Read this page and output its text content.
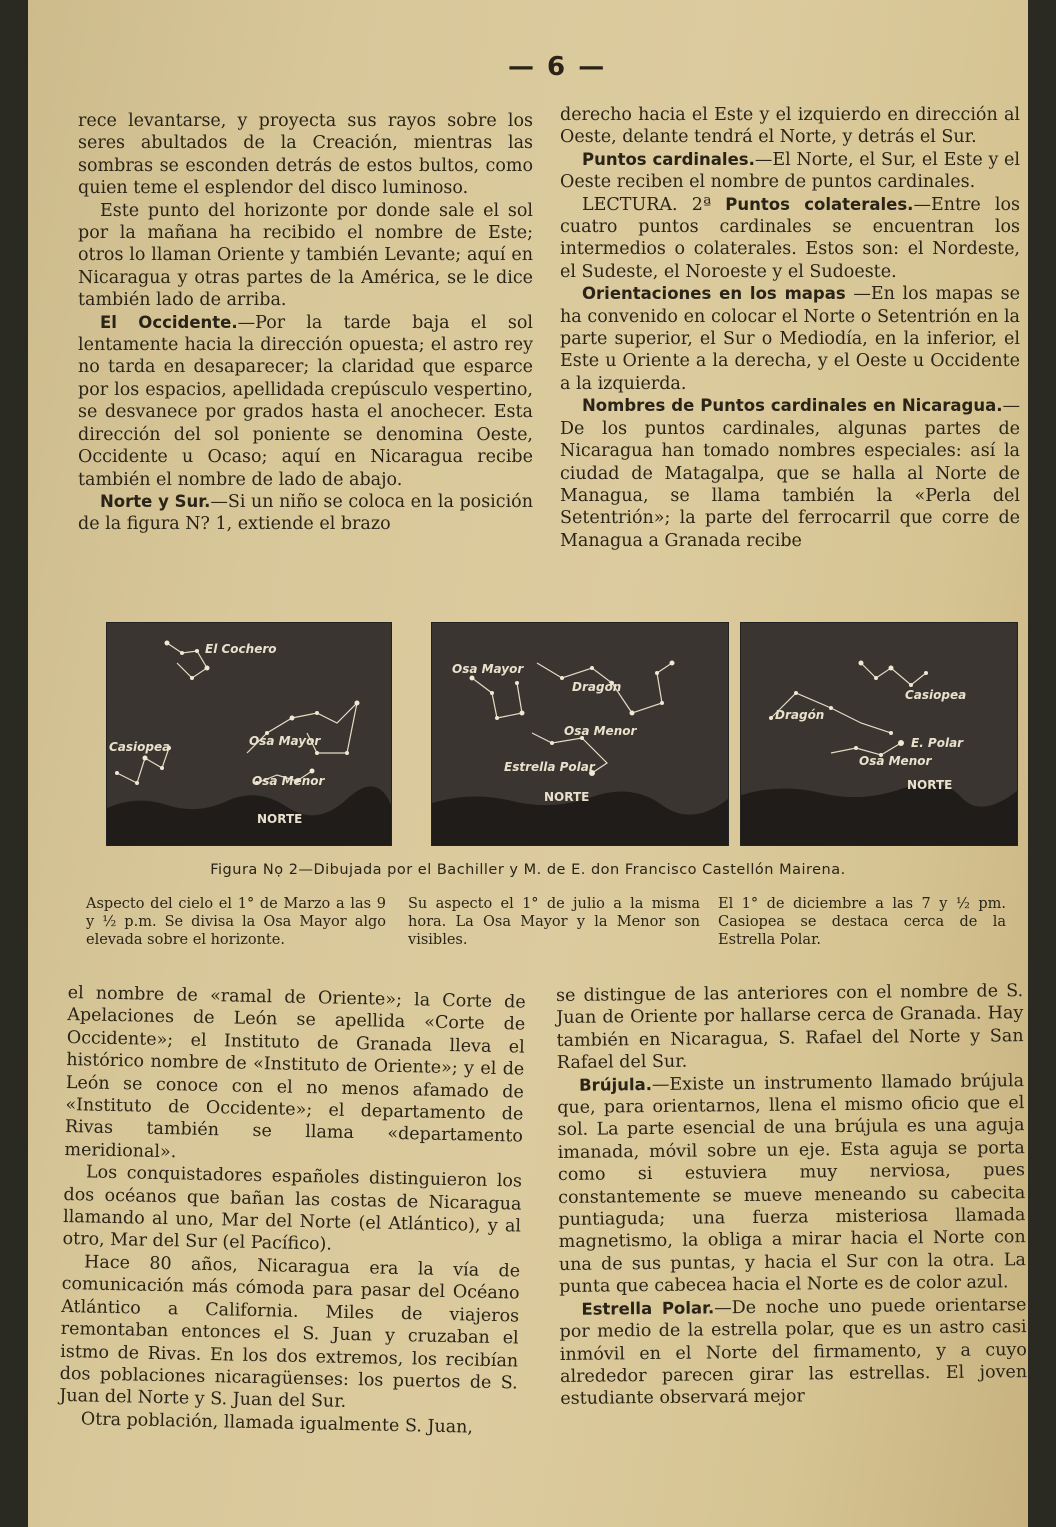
— 6 —

rece levantarse, y proyecta sus rayos sobre los seres abultados de la Creación, mientras las sombras se esconden detrás de estos bultos, como quien teme el esplendor del disco luminoso.

Este punto del horizonte por donde sale el sol por la mañana ha recibido el nombre de Este; otros lo llaman Oriente y también Levante; aquí en Nicaragua y otras partes de la América, se le dice también lado de arriba.

El Occidente.—Por la tarde baja el sol lentamente hacia la dirección opuesta; el astro rey no tarda en desaparecer; la claridad que esparce por los espacios, apellidada crepúsculo vespertino, se desvanece por grados hasta el anochecer. Esta dirección del sol poniente se denomina Oeste, Occidente u Ocaso; aquí en Nicaragua recibe también el nombre de lado de abajo.

Norte y Sur.—Si un niño se coloca en la posición de la figura N? 1, extiende el brazo

derecho hacia el Este y el izquierdo en dirección al Oeste, delante tendrá el Norte, y detrás el Sur.

Puntos cardinales.—El Norte, el Sur, el Este y el Oeste reciben el nombre de puntos cardinales.

LECTURA. 2ª Puntos colaterales.—Entre los cuatro puntos cardinales se encuentran los intermedios o colaterales. Estos son: el Nordeste, el Sudeste, el Noroeste y el Sudoeste.

Orientaciones en los mapas —En los mapas se ha convenido en colocar el Norte o Setentrión en la parte superior, el Sur o Mediodía, en la inferior, el Este u Oriente a la derecha, y el Oeste u Occidente a la izquierda.

Nombres de Puntos cardinales en Nicaragua.— De los puntos cardinales, algunas partes de Nicaragua han tomado nombres especiales: así la ciudad de Matagalpa, que se halla al Norte de Managua, se llama también la «Perla del Setentrión»; la parte del ferrocarril que corre de Managua a Granada recibe

El Cochero
Casiopea	Osa Mayor
Osa Menor
NORTE
Osa Mayor
Dragón
Osa Menor
Estrella Polar
NORTE
Casiopea
Dragón
E. Polar
Osa Menor
NORTE
Figura Nọ 2—Dibujada por el Bachiller y M. de E. don Francisco Castellón Mairena.
Aspecto del cielo el 1° de Marzo a las 9 y ½ p.m. Se divisa la Osa Mayor algo elevada sobre el horizonte.
Su aspecto el 1° de julio a la misma hora. La Osa Mayor y la Menor son visibles.
El 1° de diciembre a las 7 y ½ pm. Casiopea se destaca cerca de la Estrella Polar.

el nombre de «ramal de Oriente»; la Corte de Apelaciones de León se apellida «Corte de Occidente»; el Instituto de Granada lleva el histórico nombre de «Instituto de Oriente»; y el de León se conoce con el no menos afamado de «Instituto de Occidente»; el departamento de Rivas también se llama «departamento meridional».

Los conquistadores españoles distinguieron los dos océanos que bañan las costas de Nicaragua llamando al uno, Mar del Norte (el Atlántico), y al otro, Mar del Sur (el Pacífico).

Hace 80 años, Nicaragua era la vía de comunicación más cómoda para pasar del Océano Atlántico a California. Miles de viajeros remontaban entonces el S. Juan y cruzaban el istmo de Rivas. En los dos extremos, los recibían dos poblaciones nicaragüenses: los puertos de S. Juan del Norte y S. Juan del Sur.

Otra población, llamada igualmente S. Juan,

se distingue de las anteriores con el nombre de S. Juan de Oriente por hallarse cerca de Granada. Hay también en Nicaragua, S. Rafael del Norte y San Rafael del Sur.

Brújula.—Existe un instrumento llamado brújula que, para orientarnos, llena el mismo oficio que el sol. La parte esencial de una brújula es una aguja imanada, móvil sobre un eje. Esta aguja se porta como si estuviera muy nerviosa, pues constantemente se mueve meneando su cabecita puntiaguda; una fuerza misteriosa llamada magnetismo, la obliga a mirar hacia el Norte con una de sus puntas, y hacia el Sur con la otra. La punta que cabecea hacia el Norte es de color azul.

Estrella Polar.—De noche uno puede orientarse por medio de la estrella polar, que es un astro casi inmóvil en el Norte del firmamento, y a cuyo alrededor parecen girar las estrellas. El joven estudiante observará mejor
